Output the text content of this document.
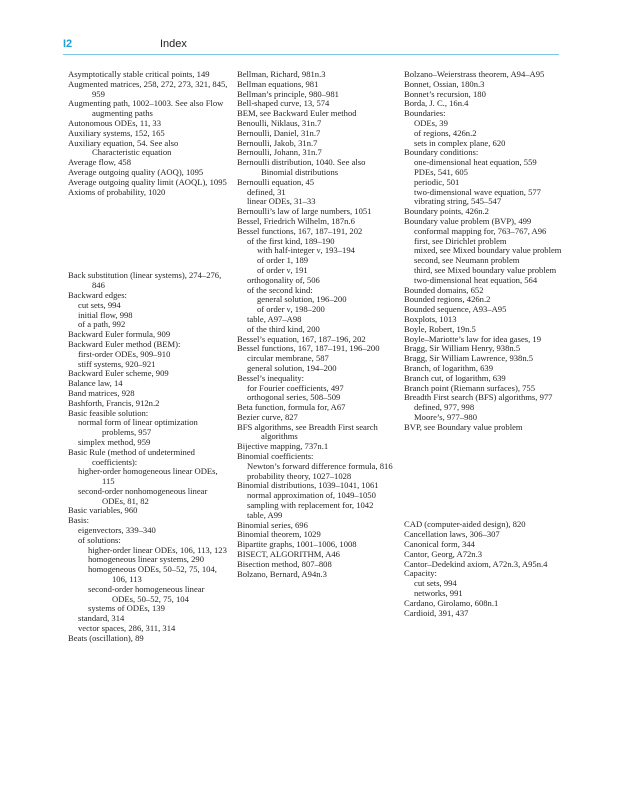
I2	Index

Asymptotically stable critical points, 149

Augmented matrices, 258, 272, 273, 321, 845, 959

Augmenting path, 1002–1003. See also Flow augmenting paths

Autonomous ODEs, 11, 33

Auxiliary systems, 152, 165

Auxiliary equation, 54. See also Characteristic equation

Average flow, 458

Average outgoing quality (AOQ), 1095

Average outgoing quality limit (AOQL), 1095

Axioms of probability, 1020

Back substitution (linear systems), 274–276, 846

Backward edges:

cut sets, 994

initial flow, 998

of a path, 992

Backward Euler formula, 909

Backward Euler method (BEM):

first-order ODEs, 909–910

stiff systems, 920–921

Backward Euler scheme, 909

Balance law, 14

Band matrices, 928

Bashforth, Francis, 912n.2

Basic feasible solution:

normal form of linear optimization problems, 957

simplex method, 959

Basic Rule (method of undetermined coefficients):

higher-order homogeneous linear ODEs, 115

second-order nonhomogeneous linear ODEs, 81, 82

Basic variables, 960

Basis:

eigenvectors, 339–340

of solutions:

higher-order linear ODEs, 106, 113, 123

homogeneous linear systems, 290

homogeneous ODEs, 50–52, 75, 104, 106, 113

second-order homogeneous linear ODEs, 50–52, 75, 104

systems of ODEs, 139

standard, 314

vector spaces, 286, 311, 314

Beats (oscillation), 89

Bellman, Richard, 981n.3

Bellman equations, 981

Bellman’s principle, 980–981

Bell-shaped curve, 13, 574

BEM, see Backward Euler method

Benoulli, Niklaus, 31n.7

Bernoulli, Daniel, 31n.7

Bernoulli, Jakob, 31n.7

Bernoulli, Johann, 31n.7

Bernoulli distribution, 1040. See also Binomial distributions

Bernoulli equation, 45

defined, 31

linear ODEs, 31–33

Bernoulli’s law of large numbers, 1051

Bessel, Friedrich Wilhelm, 187n.6

Bessel functions, 167, 187–191, 202

of the first kind, 189–190

with half-integer ν, 193–194

of order 1, 189

of order ν, 191

orthogonality of, 506

of the second kind:

general solution, 196–200

of order ν, 198–200

table, A97–A98

of the third kind, 200

Bessel’s equation, 167, 187–196, 202

Bessel functions, 167, 187–191, 196–200

circular membrane, 587

general solution, 194–200

Bessel’s inequality:

for Fourier coefficients, 497

orthogonal series, 508–509

Beta function, formula for, A67

Bezier curve, 827

BFS algorithms, see Breadth First search algorithms

Bijective mapping, 737n.1

Binomial coefficients:

Newton’s forward difference formula, 816

probability theory, 1027–1028

Binomial distributions, 1039–1041, 1061

normal approximation of, 1049–1050

sampling with replacement for, 1042

table, A99

Binomial series, 696

Binomial theorem, 1029

Bipartite graphs, 1001–1006, 1008

BISECT, ALGORITHM, A46

Bisection method, 807–808

Bolzano, Bernard, A94n.3

Bolzano–Weierstrass theorem, A94–A95

Bonnet, Ossian, 180n.3

Bonnet’s recursion, 180

Borda, J. C., 16n.4

Boundaries:

ODEs, 39

of regions, 426n.2

sets in complex plane, 620

Boundary conditions:

one-dimensional heat equation, 559

PDEs, 541, 605

periodic, 501

two-dimensional wave equation, 577

vibrating string, 545–547

Boundary points, 426n.2

Boundary value problem (BVP), 499

conformal mapping for, 763–767, A96

first, see Dirichlet problem

mixed, see Mixed boundary value problem

second, see Neumann problem

third, see Mixed boundary value problem

two-dimensional heat equation, 564

Bounded domains, 652

Bounded regions, 426n.2

Bounded sequence, A93–A95

Boxplots, 1013

Boyle, Robert, 19n.5

Boyle–Mariotte’s law for idea gases, 19

Bragg, Sir William Henry, 938n.5

Bragg, Sir William Lawrence, 938n.5

Branch, of logarithm, 639

Branch cut, of logarithm, 639

Branch point (Riemann surfaces), 755

Breadth First search (BFS) algorithms, 977

defined, 977, 998

Moore’s, 977–980

BVP, see Boundary value problem

CAD (computer-aided design), 820

Cancellation laws, 306–307

Canonical form, 344

Cantor, Georg, A72n.3

Cantor–Dedekind axiom, A72n.3, A95n.4

Capacity:

cut sets, 994

networks, 991

Cardano, Girolamo, 608n.1

Cardioid, 391, 437
